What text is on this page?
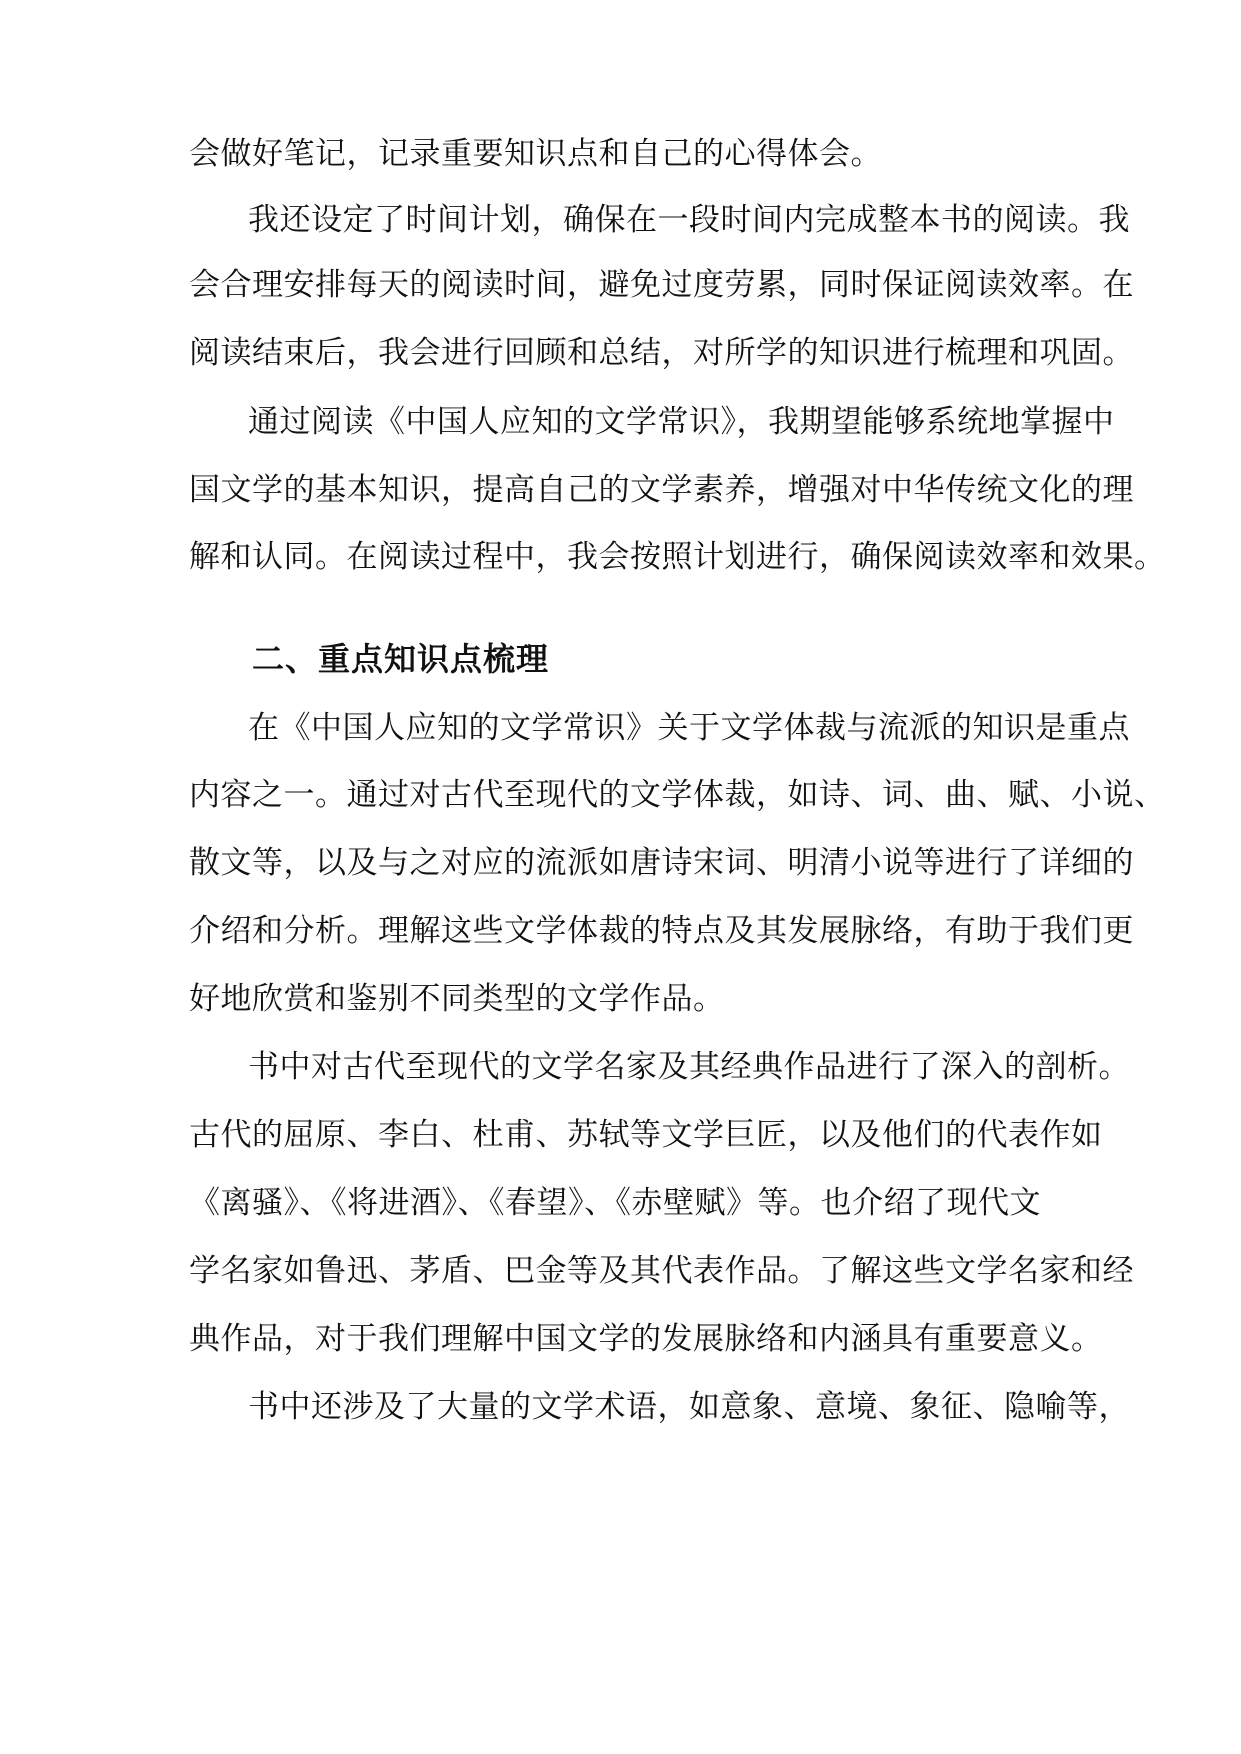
会做好笔记，记录重要知识点和自己的心得体会。
我还设定了时间计划，确保在一段时间内完成整本书的阅读。我
会合理安排每天的阅读时间，避免过度劳累，同时保证阅读效率。在
阅读结束后，我会进行回顾和总结，对所学的知识进行梳理和巩固。
通过阅读《中国人应知的文学常识》，我期望能够系统地掌握中
国文学的基本知识，提高自己的文学素养，增强对中华传统文化的理
解和认同。在阅读过程中，我会按照计划进行，确保阅读效率和效果。
二、重点知识点梳理
在《中国人应知的文学常识》关于文学体裁与流派的知识是重点
内容之一。通过对古代至现代的文学体裁，如诗、词、曲、赋、小说、
散文等，以及与之对应的流派如唐诗宋词、明清小说等进行了详细的
介绍和分析。理解这些文学体裁的特点及其发展脉络，有助于我们更
好地欣赏和鉴别不同类型的文学作品。
书中对古代至现代的文学名家及其经典作品进行了深入的剖析。
古代的屈原、李白、杜甫、苏轼等文学巨匠，以及他们的代表作如
《离骚》、《将进酒》、《春望》、《赤壁赋》等。也介绍了现代文
学名家如鲁迅、茅盾、巴金等及其代表作品。了解这些文学名家和经
典作品，对于我们理解中国文学的发展脉络和内涵具有重要意义。
书中还涉及了大量的文学术语，如意象、意境、象征、隐喻等，
